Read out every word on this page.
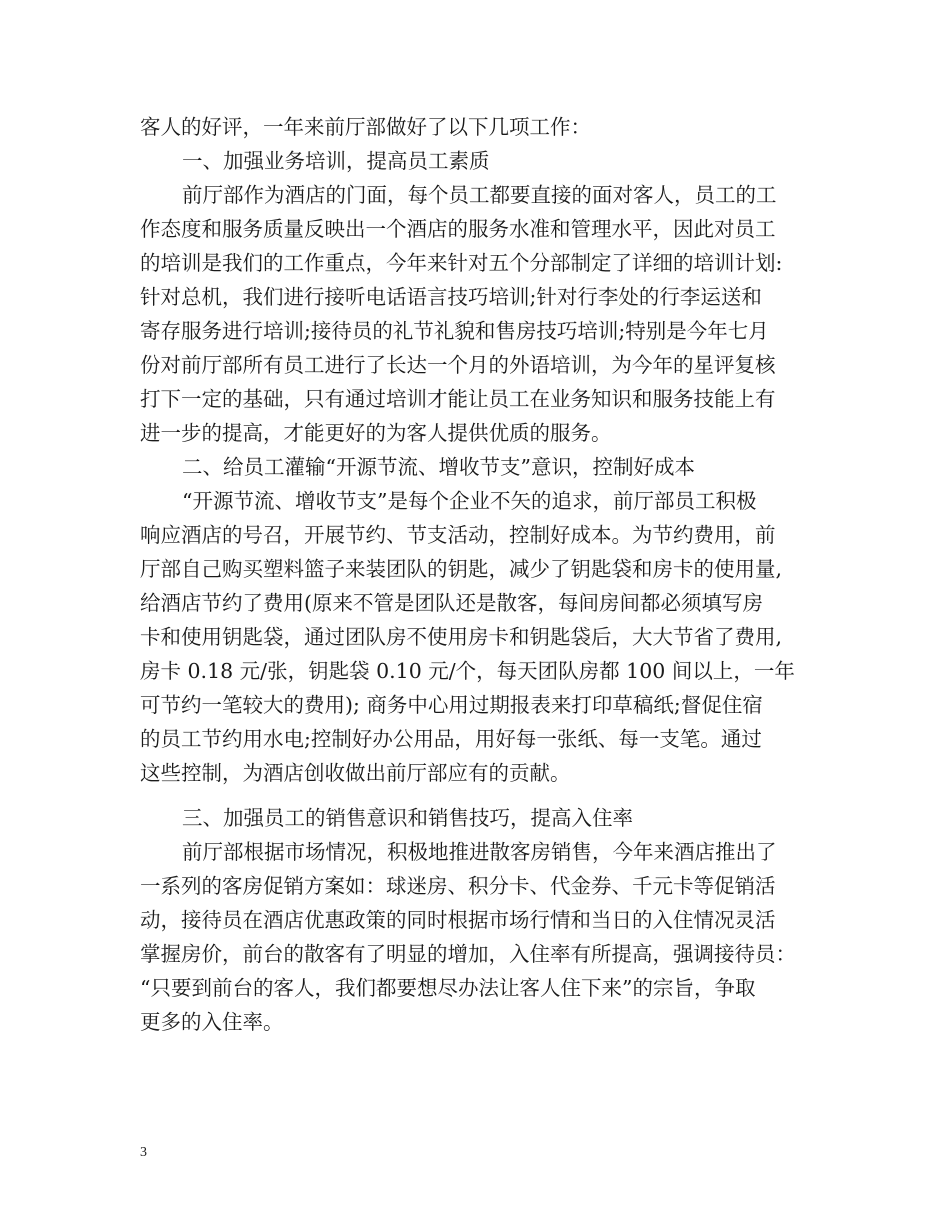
客人的好评，一年来前厅部做好了以下几项工作：
一、加强业务培训，提高员工素质
前厅部作为酒店的门面，每个员工都要直接的面对客人，员工的工
作态度和服务质量反映出一个酒店的服务水准和管理水平，因此对员工
的培训是我们的工作重点，今年来针对五个分部制定了详细的培训计划:
针对总机，我们进行接听电话语言技巧培训;针对行李处的行李运送和
寄存服务进行培训;接待员的礼节礼貌和售房技巧培训;特别是今年七月
份对前厅部所有员工进行了长达一个月的外语培训，为今年的星评复核
打下一定的基础，只有通过培训才能让员工在业务知识和服务技能上有
进一步的提高，才能更好的为客人提供优质的服务。
二、给员工灌输“开源节流、增收节支”意识，控制好成本
“开源节流、增收节支”是每个企业不矢的追求，前厅部员工积极
响应酒店的号召，开展节约、节支活动，控制好成本。为节约费用，前
厅部自己购买塑料篮子来装团队的钥匙，减少了钥匙袋和房卡的使用量,
给酒店节约了费用(原来不管是团队还是散客，每间房间都必须填写房
卡和使用钥匙袋，通过团队房不使用房卡和钥匙袋后，大大节省了费用,
房卡 0.18 元/张，钥匙袋 0.10 元/个，每天团队房都 100 间以上，一年
可节约一笔较大的费用); 商务中心用过期报表来打印草稿纸;督促住宿
的员工节约用水电;控制好办公用品，用好每一张纸、每一支笔。通过
这些控制，为酒店创收做出前厅部应有的贡献。
三、加强员工的销售意识和销售技巧，提高入住率
前厅部根据市场情况，积极地推进散客房销售，今年来酒店推出了
一系列的客房促销方案如：球迷房、积分卡、代金券、千元卡等促销活
动，接待员在酒店优惠政策的同时根据市场行情和当日的入住情况灵活
掌握房价，前台的散客有了明显的增加，入住率有所提高，强调接待员：
“只要到前台的客人，我们都要想尽办法让客人住下来”的宗旨，争取
更多的入住率。
3
